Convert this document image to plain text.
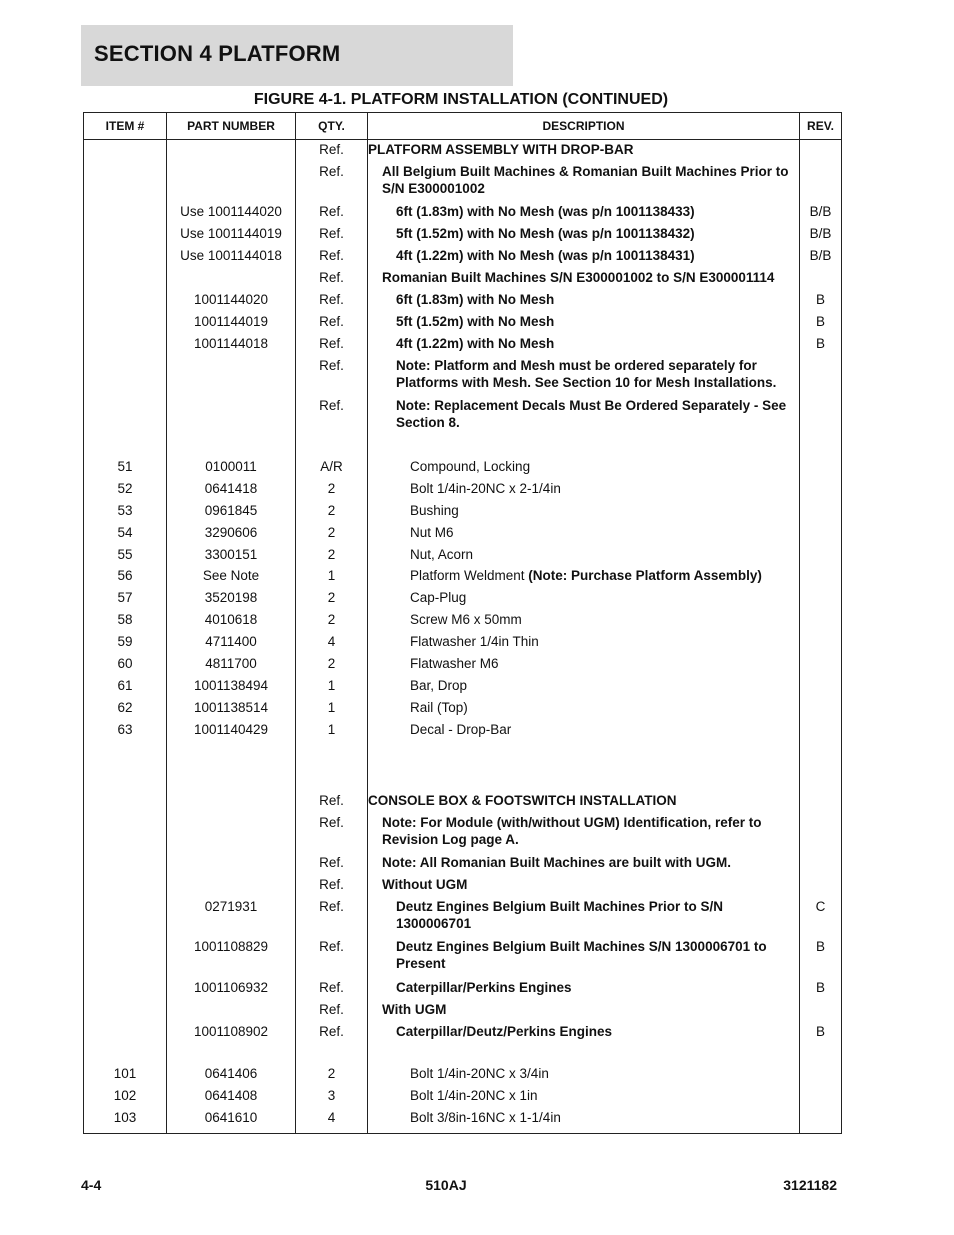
SECTION 4 PLATFORM
FIGURE 4-1. PLATFORM INSTALLATION (CONTINUED)
ITEM #	PART NUMBER	QTY.	DESCRIPTION	REV.
		Ref.	PLATFORM ASSEMBLY WITH DROP-BAR	

		Ref.	All Belgium Built Machines & Romanian Built Machines Prior to S/N E300001002	

	Use 1001144020	Ref.	6ft (1.83m) with No Mesh (was p/n 1001138433)	B/B
	Use 1001144019	Ref.	5ft (1.52m) with No Mesh (was p/n 1001138432)	B/B
	Use 1001144018	Ref.	4ft (1.22m) with No Mesh (was p/n 1001138431)	B/B
		Ref.	Romanian Built Machines S/N E300001002 to S/N E300001114	

	1001144020	Ref.	6ft (1.83m) with No Mesh	B
	1001144019	Ref.	5ft (1.52m) with No Mesh	B
	1001144018	Ref.	4ft (1.22m) with No Mesh	B
		Ref.	Note: Platform and Mesh must be ordered separately for Platforms with Mesh. See Section 10 for Mesh Installations.	

		Ref.	Note: Replacement Decals Must Be Ordered Separately - See Section 8.	

51	0100011	A/R	Compound, Locking	

52	0641418	2	Bolt 1/4in-20NC x 2-1/4in	

53	0961845	2	Bushing	

54	3290606	2	Nut M6	

55	3300151	2	Nut, Acorn	

56	See Note	1	Platform Weldment (Note: Purchase Platform Assembly)	

57	3520198	2	Cap-Plug	

58	4010618	2	Screw M6 x 50mm	

59	4711400	4	Flatwasher 1/4in Thin	

60	4811700	2	Flatwasher M6	

61	1001138494	1	Bar, Drop	

62	1001138514	1	Rail (Top)	

63	1001140429	1	Decal - Drop-Bar	

		Ref.	CONSOLE BOX & FOOTSWITCH INSTALLATION	

		Ref.	Note: For Module (with/without UGM) Identification, refer to Revision Log page A.	

		Ref.	Note: All Romanian Built Machines are built with UGM.	

		Ref.	Without UGM	

	0271931	Ref.	Deutz Engines Belgium Built Machines Prior to S/N 1300006701	C
	1001108829	Ref.	Deutz Engines Belgium Built Machines S/N 1300006701 to Present	B
	1001106932	Ref.	Caterpillar/Perkins Engines	B
		Ref.	With UGM	

	1001108902	Ref.	Caterpillar/Deutz/Perkins Engines	B

101	0641406	2	Bolt 1/4in-20NC x 3/4in	

102	0641408	3	Bolt 1/4in-20NC x 1in	

103	0641610	4	Bolt 3/8in-16NC x 1-1/4in	

4-4	510AJ	3121182
